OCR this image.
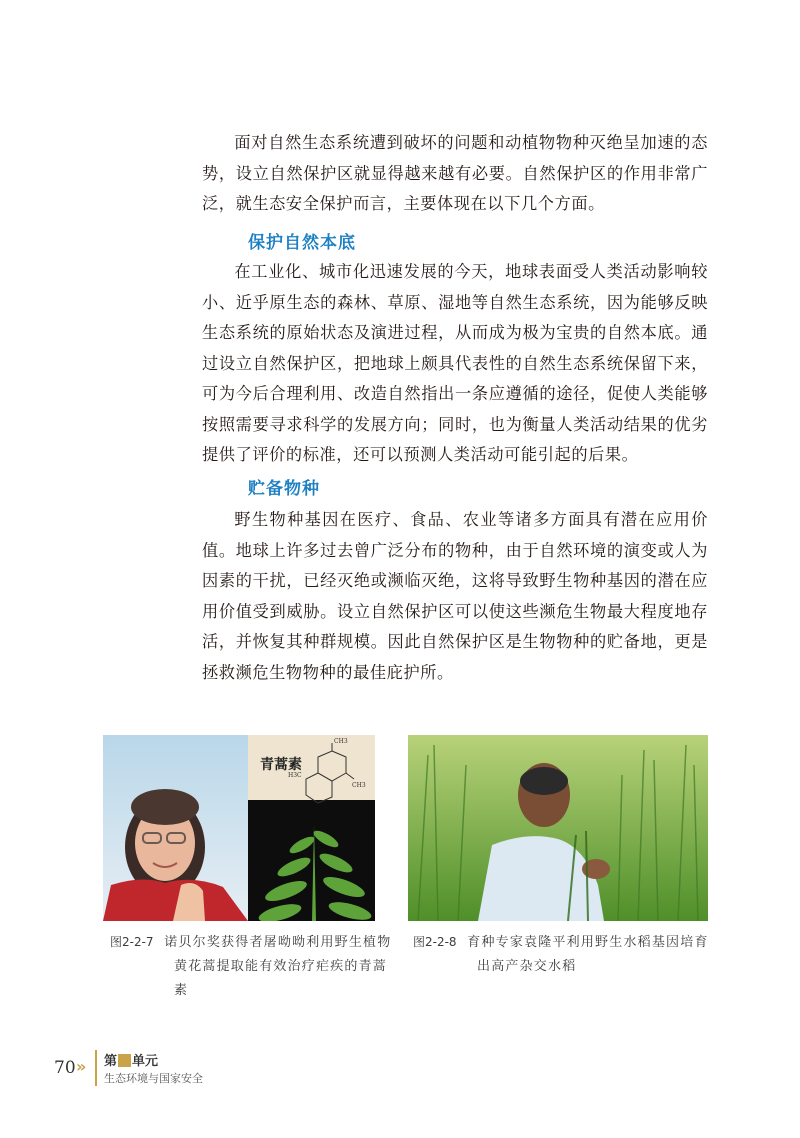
面对自然生态系统遭到破坏的问题和动植物物种灭绝呈加速的态势，设立自然保护区就显得越来越有必要。自然保护区的作用非常广泛，就生态安全保护而言，主要体现在以下几个方面。

保护自然本底

在工业化、城市化迅速发展的今天，地球表面受人类活动影响较小、近乎原生态的森林、草原、湿地等自然生态系统，因为能够反映生态系统的原始状态及演进过程，从而成为极为宝贵的自然本底。通过设立自然保护区，把地球上颇具代表性的自然生态系统保留下来，可为今后合理利用、改造自然指出一条应遵循的途径，促使人类能够按照需要寻求科学的发展方向；同时，也为衡量人类活动结果的优劣提供了评价的标准，还可以预测人类活动可能引起的后果。

贮备物种

野生物种基因在医疗、食品、农业等诸多方面具有潜在应用价值。地球上许多过去曾广泛分布的物种，由于自然环境的演变或人为因素的干扰，已经灭绝或濒临灭绝，这将导致野生物种基因的潜在应用价值受到威胁。设立自然保护区可以使这些濒危生物最大程度地存活，并恢复其种群规模。因此自然保护区是生物物种的贮备地，更是拯救濒危生物物种的最佳庇护所。

青蒿素
CH3
H3C
CH3
图2-2-7 诺贝尔奖获得者屠呦呦利用野生植物
黄花蒿提取能有效治疗疟疾的青蒿素
图2-2-8 育种专家袁隆平利用野生水稻基因培育
出高产杂交水稻
70 » 第 单元
生态环境与国家安全
